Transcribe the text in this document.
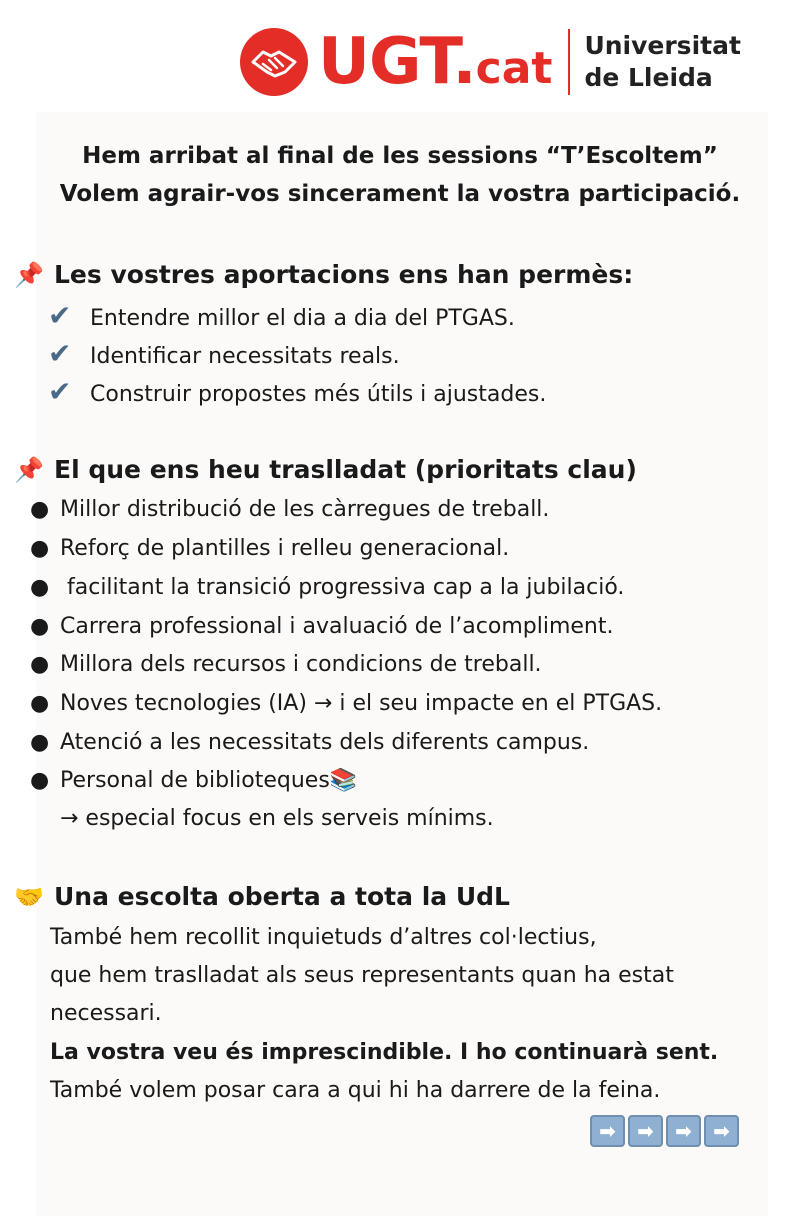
UGT.cat Universitat
de Lleida
Hem arribat al final de les sessions “T’Escoltem”
Volem agrair-vos sincerament la vostra participació.
📌 Les vostres aportacions ens han permès:
✔ Entendre millor el dia a dia del PTGAS.
✔ Identificar necessitats reals.
✔ Construir propostes més útils i ajustades.
📌 El que ens heu traslladat (prioritats clau)
● Millor distribució de les càrregues de treball.
● Reforç de plantilles i relleu generacional.
● facilitant la transició progressiva cap a la jubilació.
● Carrera professional i avaluació de l’acompliment.
● Millora dels recursos i condicions de treball.
● Noves tecnologies (IA) → i el seu impacte en el PTGAS.
● Atenció a les necessitats dels diferents campus.
● Personal de biblioteques📚
→ especial focus en els serveis mínims.
🤝 Una escolta oberta a tota la UdL
També hem recollit inquietuds d’altres col·lectius,
que hem traslladat als seus representants quan ha estat
necessari.
La vostra veu és imprescindible. I ho continuarà sent.
També volem posar cara a qui hi ha darrere de la feina.
➡	➡	➡	➡
